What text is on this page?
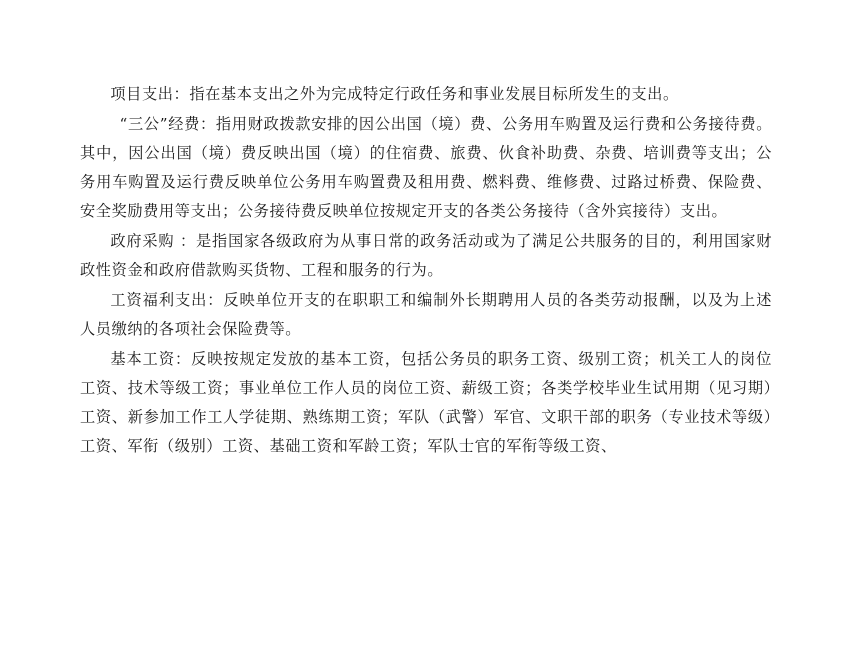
项目支出：指在基本支出之外为完成特定行政任务和事业发展目标所发生的支出。

“三公”经费：指用财政拨款安排的因公出国（境）费、公务用车购置及运行费和公务接待费。其中，因公出国（境）费反映出国（境）的住宿费、旅费、伙食补助费、杂费、培训费等支出；公务用车购置及运行费反映单位公务用车购置费及租用费、燃料费、维修费、过路过桥费、保险费、安全奖励费用等支出；公务接待费反映单位按规定开支的各类公务接待（含外宾接待）支出。

政府采购 ：是指国家各级政府为从事日常的政务活动或为了满足公共服务的目的，利用国家财政性资金和政府借款购买货物、工程和服务的行为。

工资福利支出：反映单位开支的在职职工和编制外长期聘用人员的各类劳动报酬，以及为上述人员缴纳的各项社会保险费等。

基本工资：反映按规定发放的基本工资，包括公务员的职务工资、级别工资；机关工人的岗位工资、技术等级工资；事业单位工作人员的岗位工资、薪级工资；各类学校毕业生试用期（见习期）工资、新参加工作工人学徒期、熟练期工资；军队（武警）军官、文职干部的职务（专业技术等级）工资、军衔（级别）工资、基础工资和军龄工资；军队士官的军衔等级工资、
